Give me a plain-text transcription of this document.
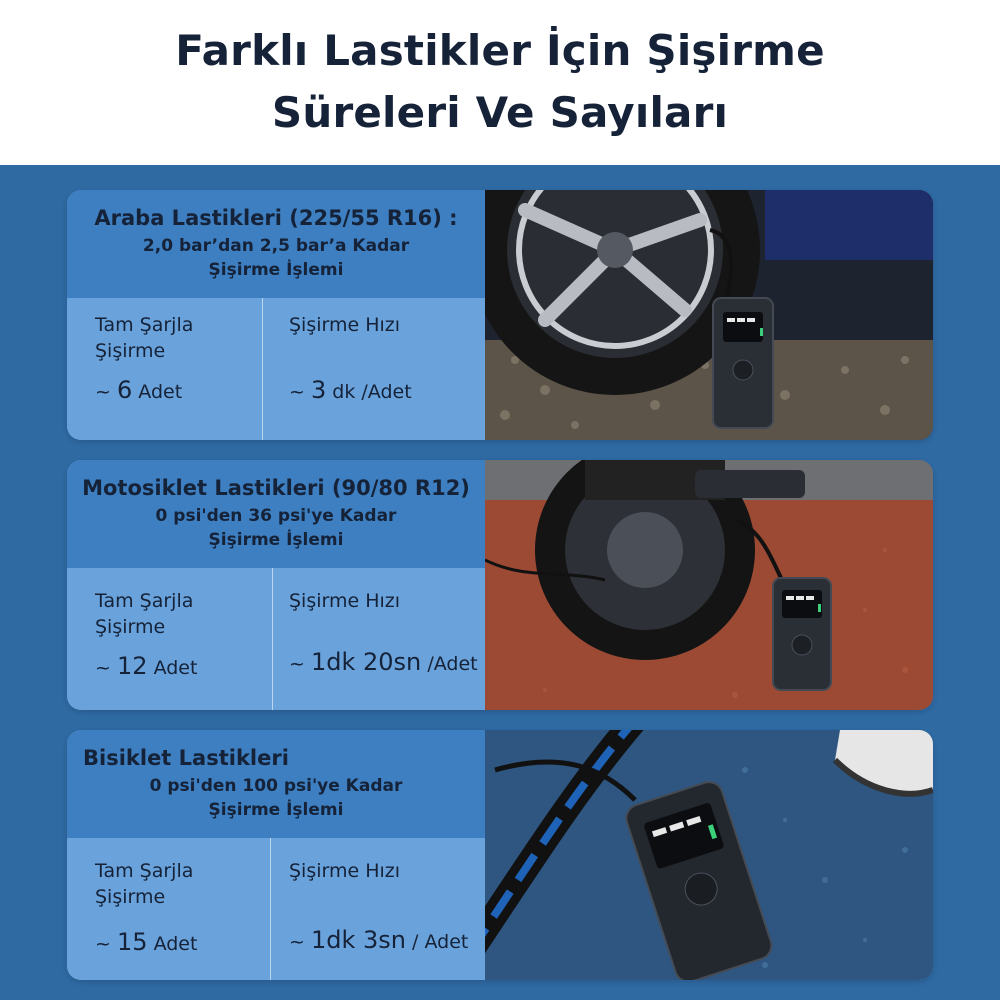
Farklı Lastikler İçin Şişirme
Süreleri Ve Sayıları
Araba Lastikleri (225/55 R16) :
2,0 bar’dan 2,5 bar’a Kadar
Şişirme İşlemi
Tam Şarjla
Şişirme
~ 6 Adet
Şişirme Hızı
~ 3 dk /Adet
Motosiklet Lastikleri (90/80 R12)
0 psi'den 36 psi'ye Kadar
Şişirme İşlemi
Tam Şarjla
Şişirme
~ 12 Adet
Şişirme Hızı
~ 1dk 20sn /Adet
Bisiklet Lastikleri
0 psi'den 100 psi'ye Kadar
Şişirme İşlemi
Tam Şarjla
Şişirme
~ 15 Adet
Şişirme Hızı
~ 1dk 3sn / Adet
